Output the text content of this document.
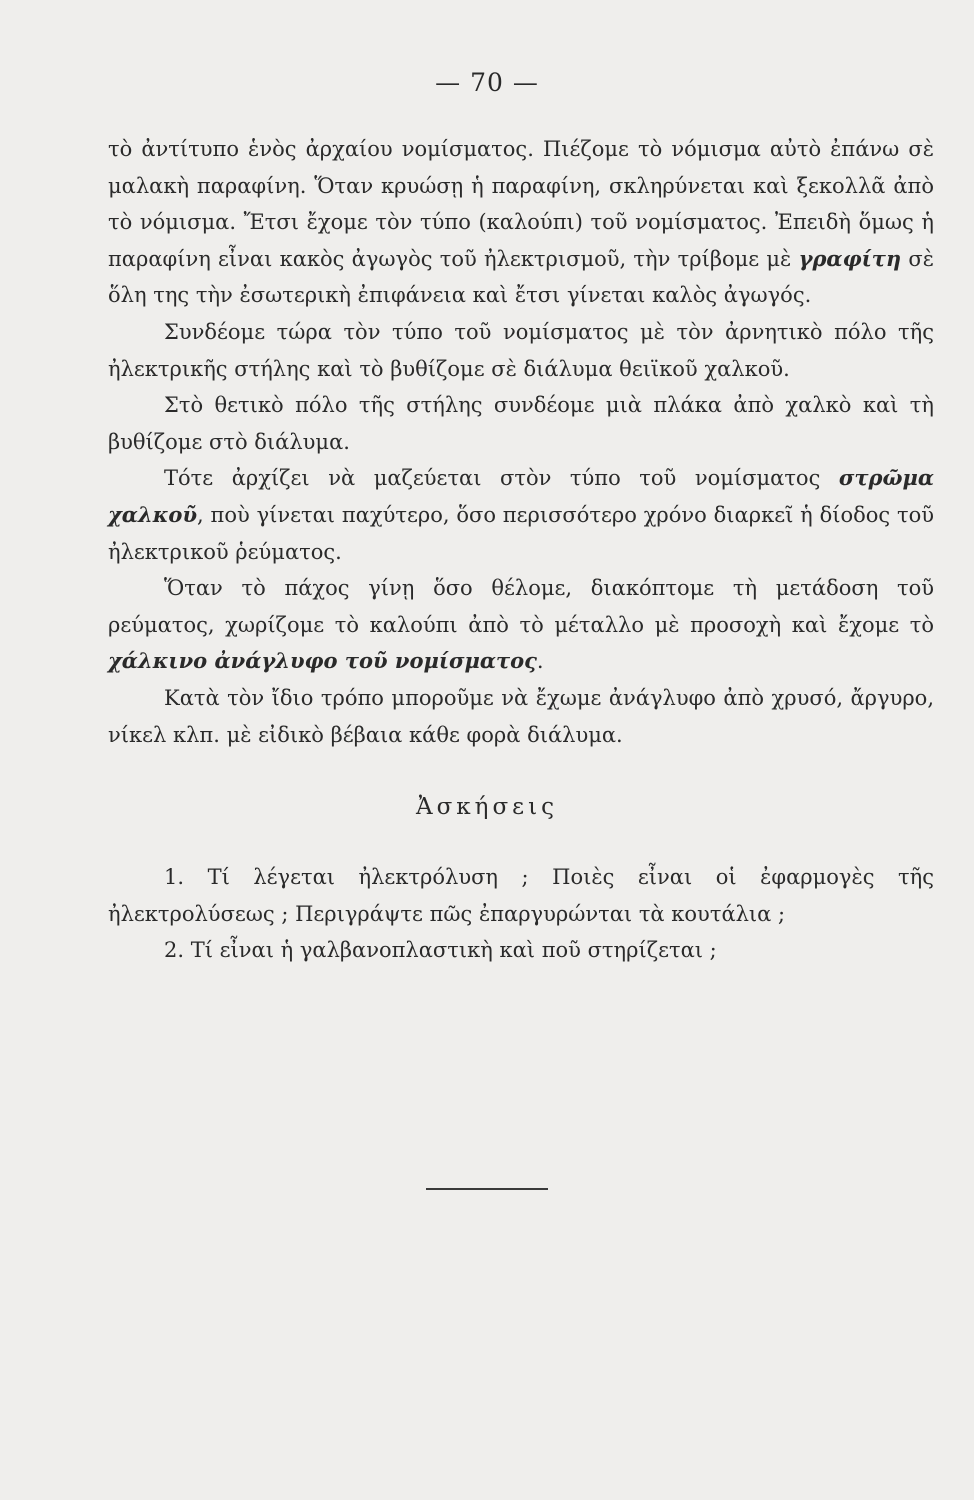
— 70 —

τὸ ἀντίτυπο ἑνὸς ἀρχαίου νομίσματος. Πιέζομε τὸ νόμισμα αὐτὸ ἐπάνω σὲ μαλακὴ παραφίνη. Ὅταν κρυώσῃ ἡ παραφίνη, σκληρύνεται καὶ ξεκολλᾶ ἀπὸ τὸ νόμισμα. Ἔτσι ἔχομε τὸν τύπο (καλούπι) τοῦ νομίσματος. Ἐπειδὴ ὅμως ἡ παραφίνη εἶναι κακὸς ἀγωγὸς τοῦ ἠλεκτρισμοῦ, τὴν τρίβομε μὲ γραφίτη σὲ ὅλη της τὴν ἐσωτερικὴ ἐπιφάνεια καὶ ἔτσι γίνεται καλὸς ἀγωγός.

Συνδέομε τώρα τὸν τύπο τοῦ νομίσματος μὲ τὸν ἀρνητικὸ πόλο τῆς ἠλεκτρικῆς στήλης καὶ τὸ βυθίζομε σὲ διάλυμα θειϊκοῦ χαλκοῦ.

Στὸ θετικὸ πόλο τῆς στήλης συνδέομε μιὰ πλάκα ἀπὸ χαλκὸ καὶ τὴ βυθίζομε στὸ διάλυμα.

Τότε ἀρχίζει νὰ μαζεύεται στὸν τύπο τοῦ νομίσματος στρῶμα χαλκοῦ, ποὺ γίνεται παχύτερο, ὅσο περισσότερο χρόνο διαρκεῖ ἡ δίοδος τοῦ ἠλεκτρικοῦ ῥεύματος.

Ὅταν τὸ πάχος γίνῃ ὅσο θέλομε, διακόπτομε τὴ μετάδοση τοῦ ρεύματος, χωρίζομε τὸ καλούπι ἀπὸ τὸ μέταλλο μὲ προσοχὴ καὶ ἔχομε τὸ χάλκινο ἀνάγλυφο τοῦ νομίσματος.

Κατὰ τὸν ἴδιο τρόπο μποροῦμε νὰ ἔχωμε ἀνάγλυφο ἀπὸ χρυσό, ἄργυρο, νίκελ κλπ. μὲ εἰδικὸ βέβαια κάθε φορὰ διάλυμα.

Ἀσκήσεις

1. Τί λέγεται ἠλεκτρόλυση ; Ποιὲς εἶναι οἱ ἐφαρμογὲς τῆς ἠλεκτρολύσεως ; Περιγράψτε πῶς ἐπαργυρώνται τὰ κουτάλια ;

2. Τί εἶναι ἡ γαλβανοπλαστικὴ καὶ ποῦ στηρίζεται ;
